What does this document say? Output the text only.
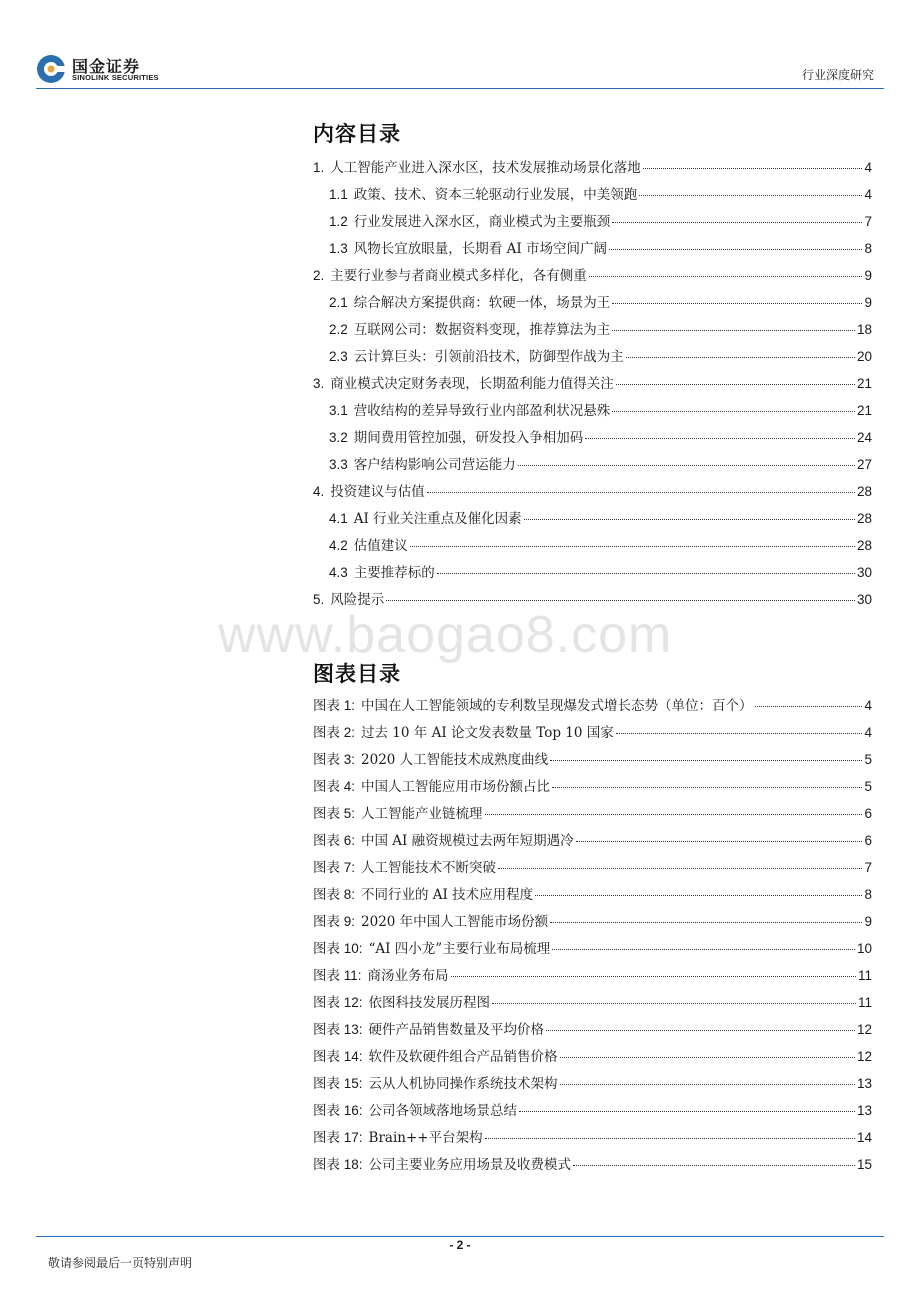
国金证券
SINOLINK SECURITIES	行业深度研究
内容目录
1. 人工智能产业进入深水区，技术发展推动场景化落地	4
1.1 政策、技术、资本三轮驱动行业发展，中美领跑	4
1.2 行业发展进入深水区，商业模式为主要瓶颈	7
1.3 风物长宜放眼量，长期看 AI 市场空间广阔	8
2. 主要行业参与者商业模式多样化，各有侧重	9
2.1 综合解决方案提供商：软硬一体，场景为王	9
2.2 互联网公司：数据资料变现，推荐算法为主	18
2.3 云计算巨头：引领前沿技术，防御型作战为主	20
3. 商业模式决定财务表现，长期盈利能力值得关注	21
3.1 营收结构的差异导致行业内部盈利状况悬殊	21
3.2 期间费用管控加强，研发投入争相加码	24
3.3 客户结构影响公司营运能力	27
4. 投资建议与估值	28
4.1 AI 行业关注重点及催化因素	28
4.2 估值建议	28
4.3 主要推荐标的	30
5. 风险提示	30
www.baogao8.com
图表目录
图表 1: 中国在人工智能领域的专利数呈现爆发式增长态势（单位：百个）	4
图表 2: 过去 10 年 AI 论文发表数量 Top 10 国家	4
图表 3: 2020 人工智能技术成熟度曲线	5
图表 4: 中国人工智能应用市场份额占比	5
图表 5: 人工智能产业链梳理	6
图表 6: 中国 AI 融资规模过去两年短期遇冷	6
图表 7: 人工智能技术不断突破	7
图表 8: 不同行业的 AI 技术应用程度	8
图表 9: 2020 年中国人工智能市场份额	9
图表 10: “AI 四小龙”主要行业布局梳理	10
图表 11: 商汤业务布局	11
图表 12: 依图科技发展历程图	11
图表 13: 硬件产品销售数量及平均价格	12
图表 14: 软件及软硬件组合产品销售价格	12
图表 15: 云从人机协同操作系统技术架构	13
图表 16: 公司各领域落地场景总结	13
图表 17: Brain++平台架构	14
图表 18: 公司主要业务应用场景及收费模式	15
- 2 -
敬请参阅最后一页特别声明
